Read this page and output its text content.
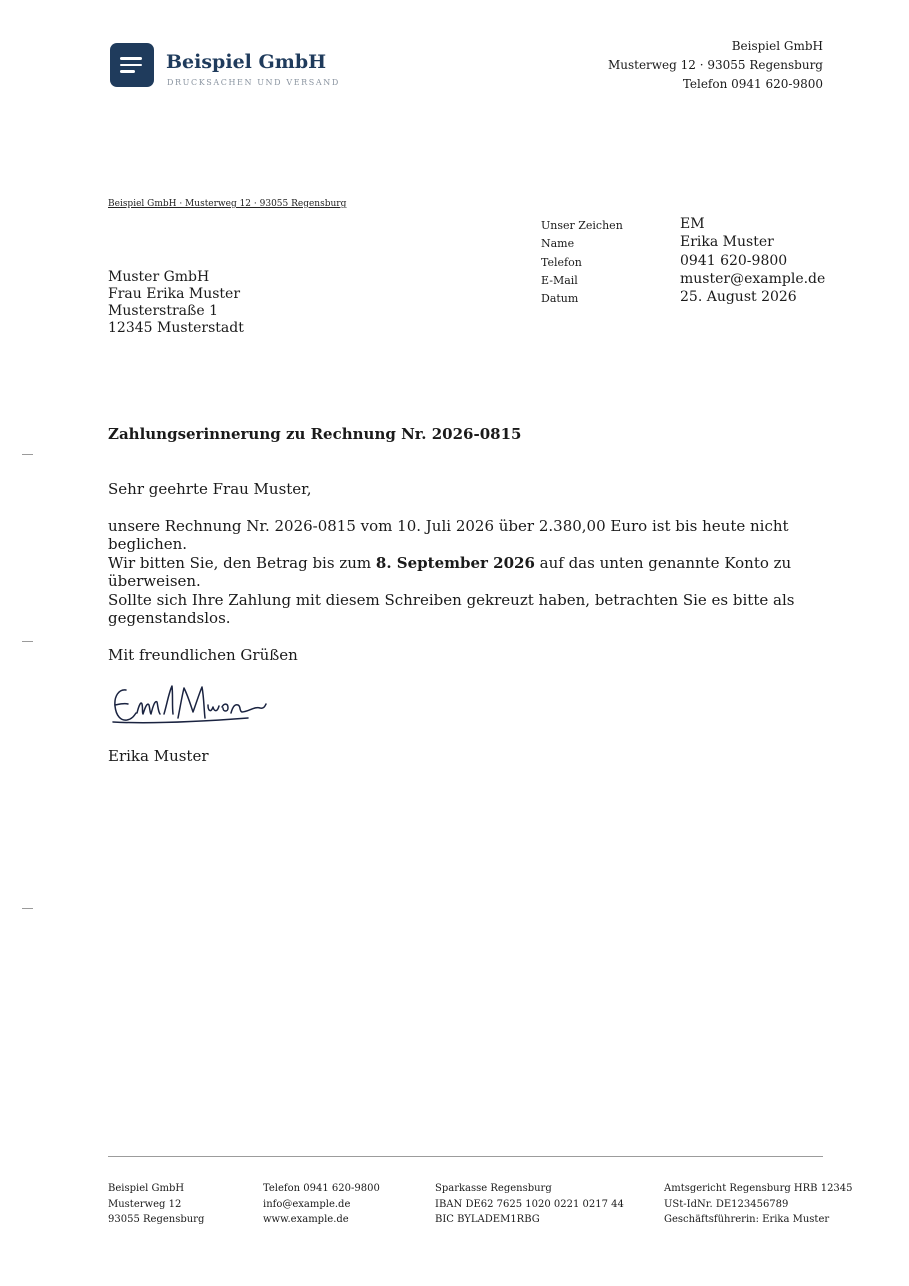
Beispiel GmbH
DRUCKSACHEN UND VERSAND
Beispiel GmbH
Musterweg 12 · 93055 Regensburg
Telefon 0941 620-9800
Beispiel GmbH · Musterweg 12 · 93055 Regensburg
Muster GmbH
Frau Erika Muster
Musterstraße 1
12345 Musterstadt
Unser Zeichen	EM
Name	Erika Muster
Telefon	0941 620-9800
E-Mail	muster@example.de
Datum	25. August 2026
Zahlungserinnerung zu Rechnung Nr. 2026-0815
Sehr geehrte Frau Muster,
unsere Rechnung Nr. 2026-0815 vom 10. Juli 2026 über 2.380,00 Euro ist bis heute nicht beglichen.
Wir bitten Sie, den Betrag bis zum 8. September 2026 auf das unten genannte Konto zu überweisen.
Sollte sich Ihre Zahlung mit diesem Schreiben gekreuzt haben, betrachten Sie es bitte als gegenstandslos.
Mit freundlichen Grüßen
Erika Muster
Beispiel GmbH
Musterweg 12
93055 Regensburg
Telefon 0941 620-9800
info@example.de
www.example.de
Sparkasse Regensburg
IBAN DE62 7625 1020 0221 0217 44
BIC BYLADEM1RBG
Amtsgericht Regensburg HRB 12345
USt-IdNr. DE123456789
Geschäftsführerin: Erika Muster
